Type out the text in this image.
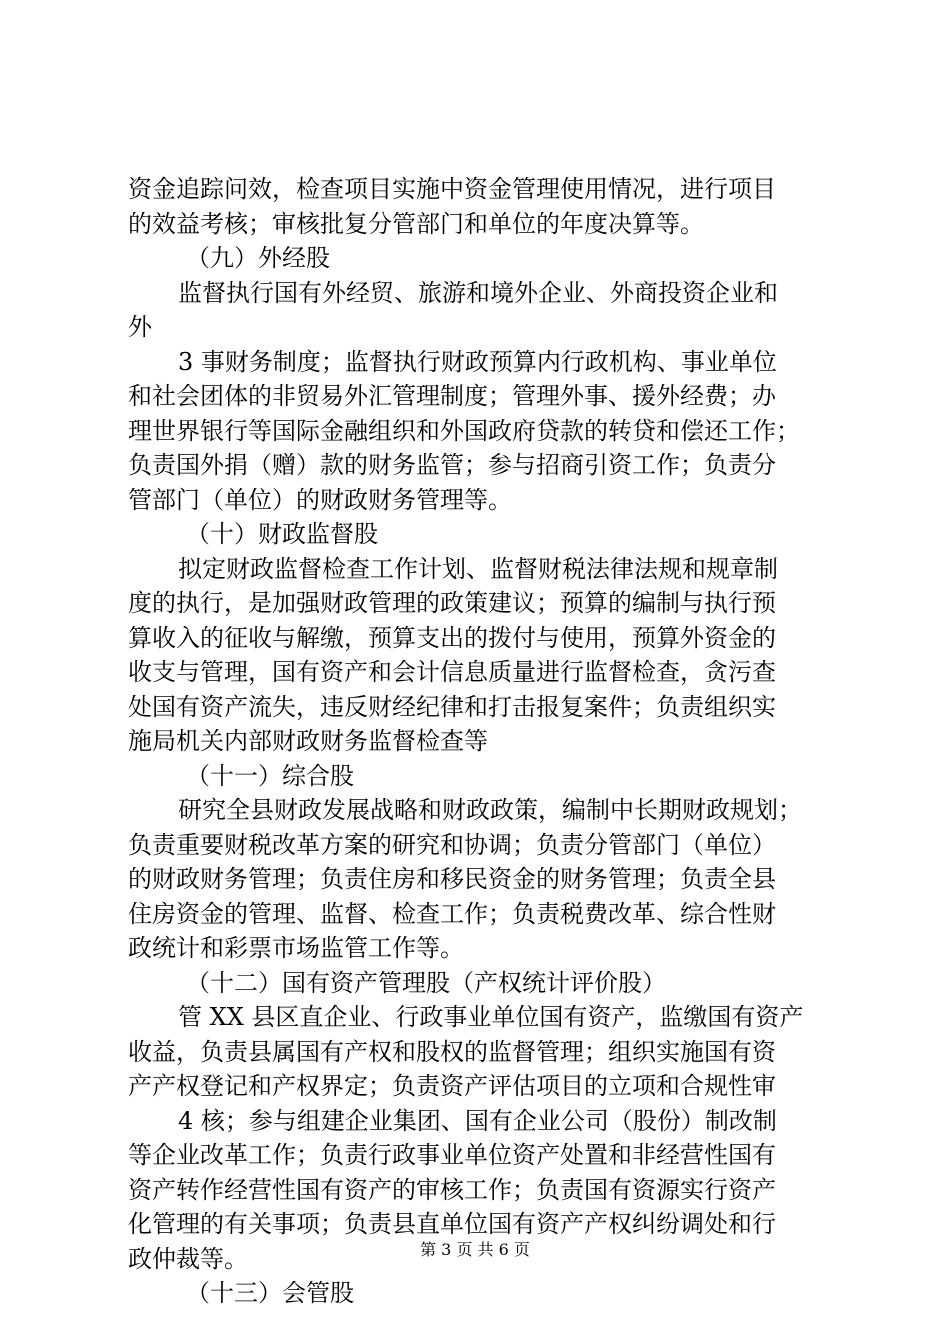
资金追踪问效，检查项目实施中资金管理使用情况，进行项目
的效益考核；审核批复分管部门和单位的年度决算等。
（九）外经股
监督执行国有外经贸、旅游和境外企业、外商投资企业和
外
3 事财务制度；监督执行财政预算内行政机构、事业单位
和社会团体的非贸易外汇管理制度；管理外事、援外经费；办
理世界银行等国际金融组织和外国政府贷款的转贷和偿还工作；
负责国外捐（赠）款的财务监管；参与招商引资工作；负责分
管部门（单位）的财政财务管理等。
（十）财政监督股
拟定财政监督检查工作计划、监督财税法律法规和规章制
度的执行，是加强财政管理的政策建议；预算的编制与执行预
算收入的征收与解缴，预算支出的拨付与使用，预算外资金的
收支与管理，国有资产和会计信息质量进行监督检查，贪污查
处国有资产流失，违反财经纪律和打击报复案件；负责组织实
施局机关内部财政财务监督检查等
（十一）综合股
研究全县财政发展战略和财政政策，编制中长期财政规划；
负责重要财税改革方案的研究和协调；负责分管部门（单位）
的财政财务管理；负责住房和移民资金的财务管理；负责全县
住房资金的管理、监督、检查工作；负责税费改革、综合性财
政统计和彩票市场监管工作等。
（十二）国有资产管理股（产权统计评价股）
管 XX 县区直企业、行政事业单位国有资产，监缴国有资产
收益，负责县属国有产权和股权的监督管理；组织实施国有资
产产权登记和产权界定；负责资产评估项目的立项和合规性审
4 核；参与组建企业集团、国有企业公司（股份）制改制
等企业改革工作；负责行政事业单位资产处置和非经营性国有
资产转作经营性国有资产的审核工作；负责国有资源实行资产
化管理的有关事项；负责县直单位国有资产产权纠纷调处和行
政仲裁等。
（十三）会管股
第 3 页 共 6 页
